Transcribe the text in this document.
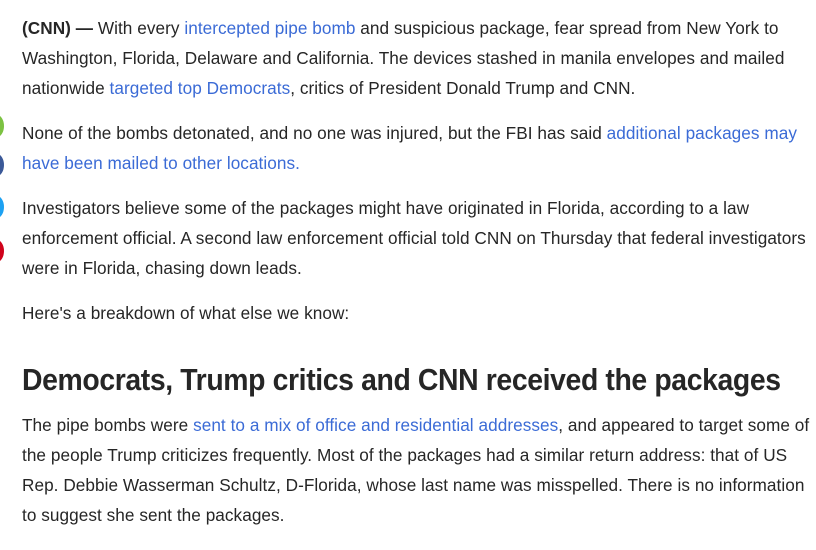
(CNN) — With every intercepted pipe bomb and suspicious package, fear spread from New York to Washington, Florida, Delaware and California. The devices stashed in manila envelopes and mailed nationwide targeted top Democrats, critics of President Donald Trump and CNN.

None of the bombs detonated, and no one was injured, but the FBI has said additional packages may have been mailed to other locations.

Investigators believe some of the packages might have originated in Florida, according to a law enforcement official. A second law enforcement official told CNN on Thursday that federal investigators were in Florida, chasing down leads.

Here's a breakdown of what else we know:

Democrats, Trump critics and CNN received the packages

The pipe bombs were sent to a mix of office and residential addresses, and appeared to target some of the people Trump criticizes frequently. Most of the packages had a similar return address: that of US Rep. Debbie Wasserman Schultz, D-Florida, whose last name was misspelled. There is no information to suggest she sent the packages.
